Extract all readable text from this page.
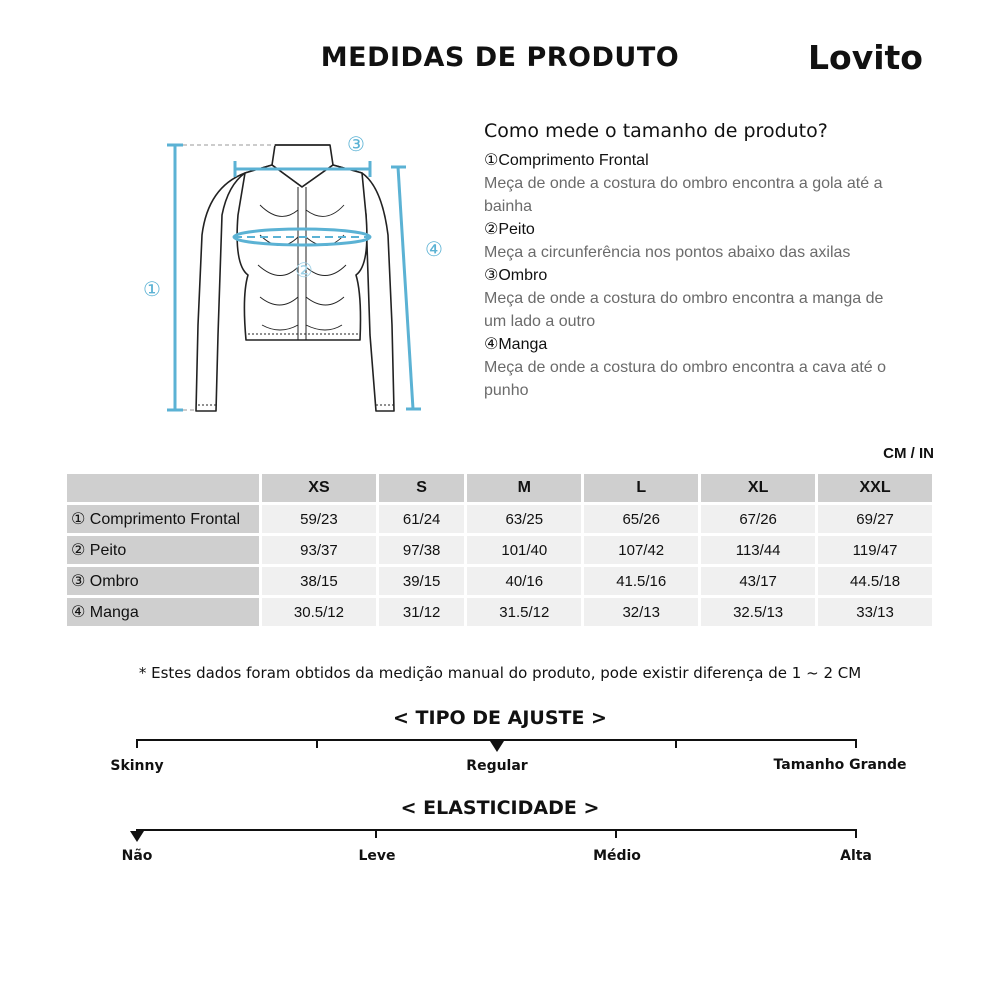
MEDIDAS DE PRODUTO	Lovito
①
②
③
④
Como mede o tamanho de produto?
①Comprimento Frontal
Meça de onde a costura do ombro encontra a gola até a bainha
②Peito
Meça a circunferência nos pontos abaixo das axilas
③Ombro
Meça de onde a costura do ombro encontra a manga de um lado a outro
④Manga
Meça de onde a costura do ombro encontra a cava até o punho
CM / IN
	XS	S	M	L	XL	XXL
① Comprimento Frontal	59/23	61/24	63/25	65/26	67/26	69/27
② Peito	93/37	97/38	101/40	107/42	113/44	119/47
③ Ombro	38/15	39/15	40/16	41.5/16	43/17	44.5/18
④ Manga	30.5/12	31/12	31.5/12	32/13	32.5/13	33/13
* Estes dados foram obtidos da medição manual do produto, pode existir diferença de 1 ~ 2 CM
< TIPO DE AJUSTE >
Skinny	Regular	Tamanho Grande
< ELASTICIDADE >
Não	Leve	Médio	Alta
